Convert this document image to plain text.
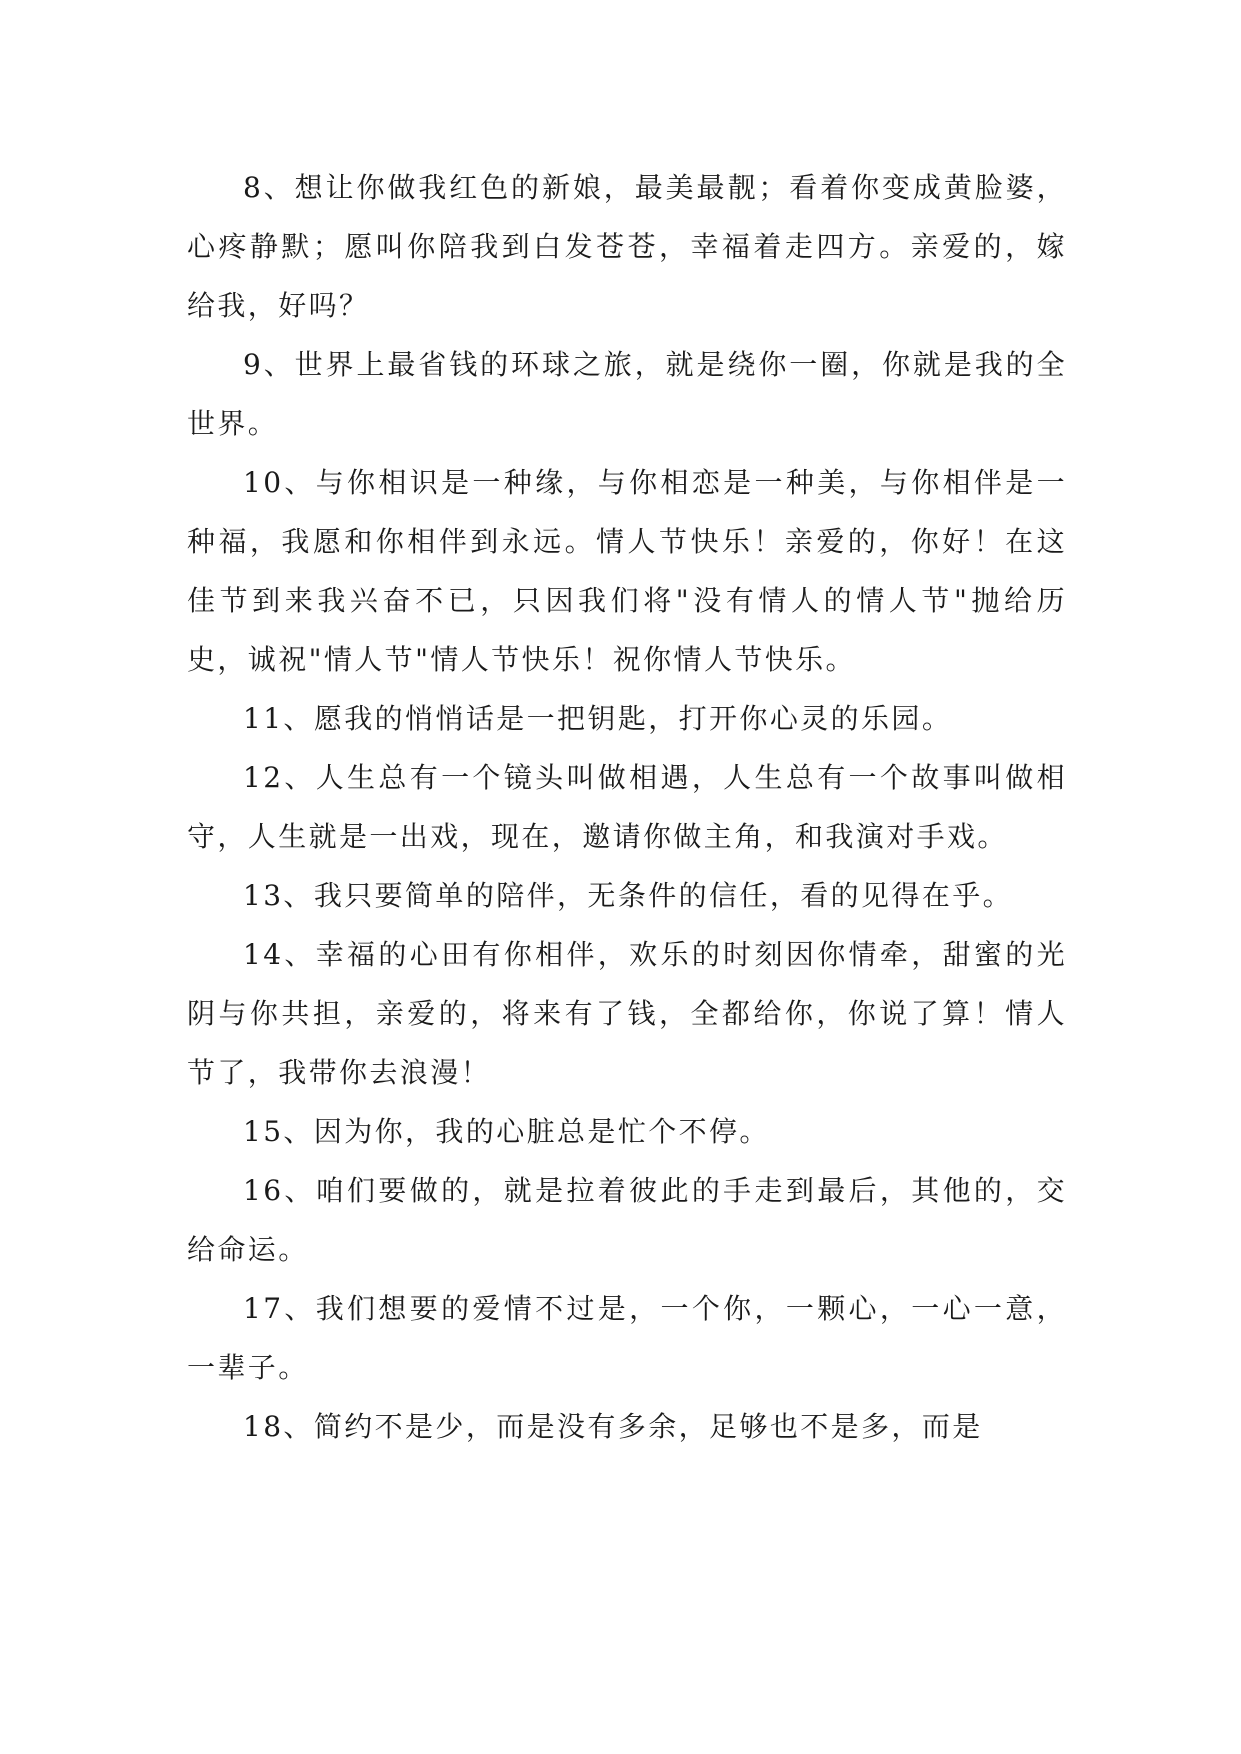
8、想让你做我红色的新娘，最美最靓；看着你变成黄脸婆，心疼静默；愿叫你陪我到白发苍苍，幸福着走四方。亲爱的，嫁给我，好吗？

9、世界上最省钱的环球之旅，就是绕你一圈，你就是我的全世界。

10、与你相识是一种缘，与你相恋是一种美，与你相伴是一种福，我愿和你相伴到永远。情人节快乐！亲爱的，你好！在这佳节到来我兴奋不已，只因我们将"没有情人的情人节"抛给历史，诚祝"情人节"情人节快乐！祝你情人节快乐。

11、愿我的悄悄话是一把钥匙，打开你心灵的乐园。

12、人生总有一个镜头叫做相遇，人生总有一个故事叫做相守，人生就是一出戏，现在，邀请你做主角，和我演对手戏。

13、我只要简单的陪伴，无条件的信任，看的见得在乎。

14、幸福的心田有你相伴，欢乐的时刻因你情牵，甜蜜的光阴与你共担，亲爱的，将来有了钱，全都给你，你说了算！情人节了，我带你去浪漫！

15、因为你，我的心脏总是忙个不停。

16、咱们要做的，就是拉着彼此的手走到最后，其他的，交给命运。

17、我们想要的爱情不过是，一个你，一颗心，一心一意，一辈子。

18、简约不是少，而是没有多余，足够也不是多，而是
